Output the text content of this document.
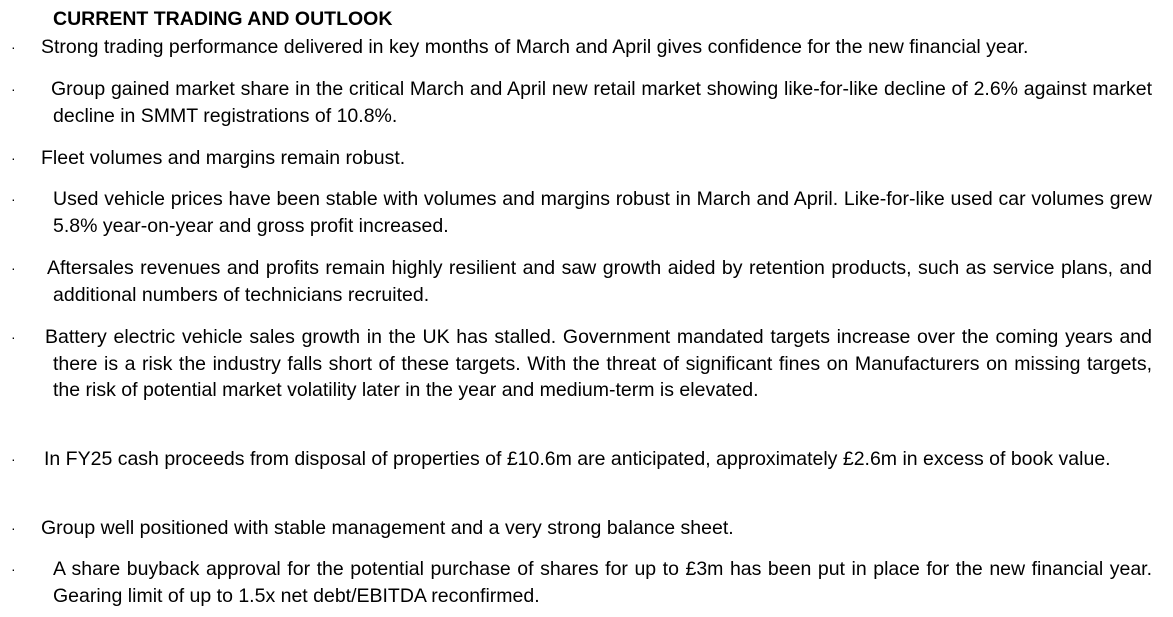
CURRENT TRADING AND OUTLOOK
· Strong trading performance delivered in key months of March and April gives confidence for the new financial year.
· Group gained market share in the critical March and April new retail market showing like-for-like decline of 2.6% against market decline in SMMT registrations of 10.8%.
· Fleet volumes and margins remain robust.
· Used vehicle prices have been stable with volumes and margins robust in March and April. Like-for-like used car volumes grew 5.8% year-on-year and gross profit increased.
· Aftersales revenues and profits remain highly resilient and saw growth aided by retention products, such as service plans, and additional numbers of technicians recruited.
· Battery electric vehicle sales growth in the UK has stalled. Government mandated targets increase over the coming years and there is a risk the industry falls short of these targets. With the threat of significant fines on Manufacturers on missing targets, the risk of potential market volatility later in the year and medium-term is elevated.
· In FY25 cash proceeds from disposal of properties of £10.6m are anticipated, approximately £2.6m in excess of book value.
· Group well positioned with stable management and a very strong balance sheet.
· A share buyback approval for the potential purchase of shares for up to £3m has been put in place for the new financial year. Gearing limit of up to 1.5x net debt/EBITDA reconfirmed.
